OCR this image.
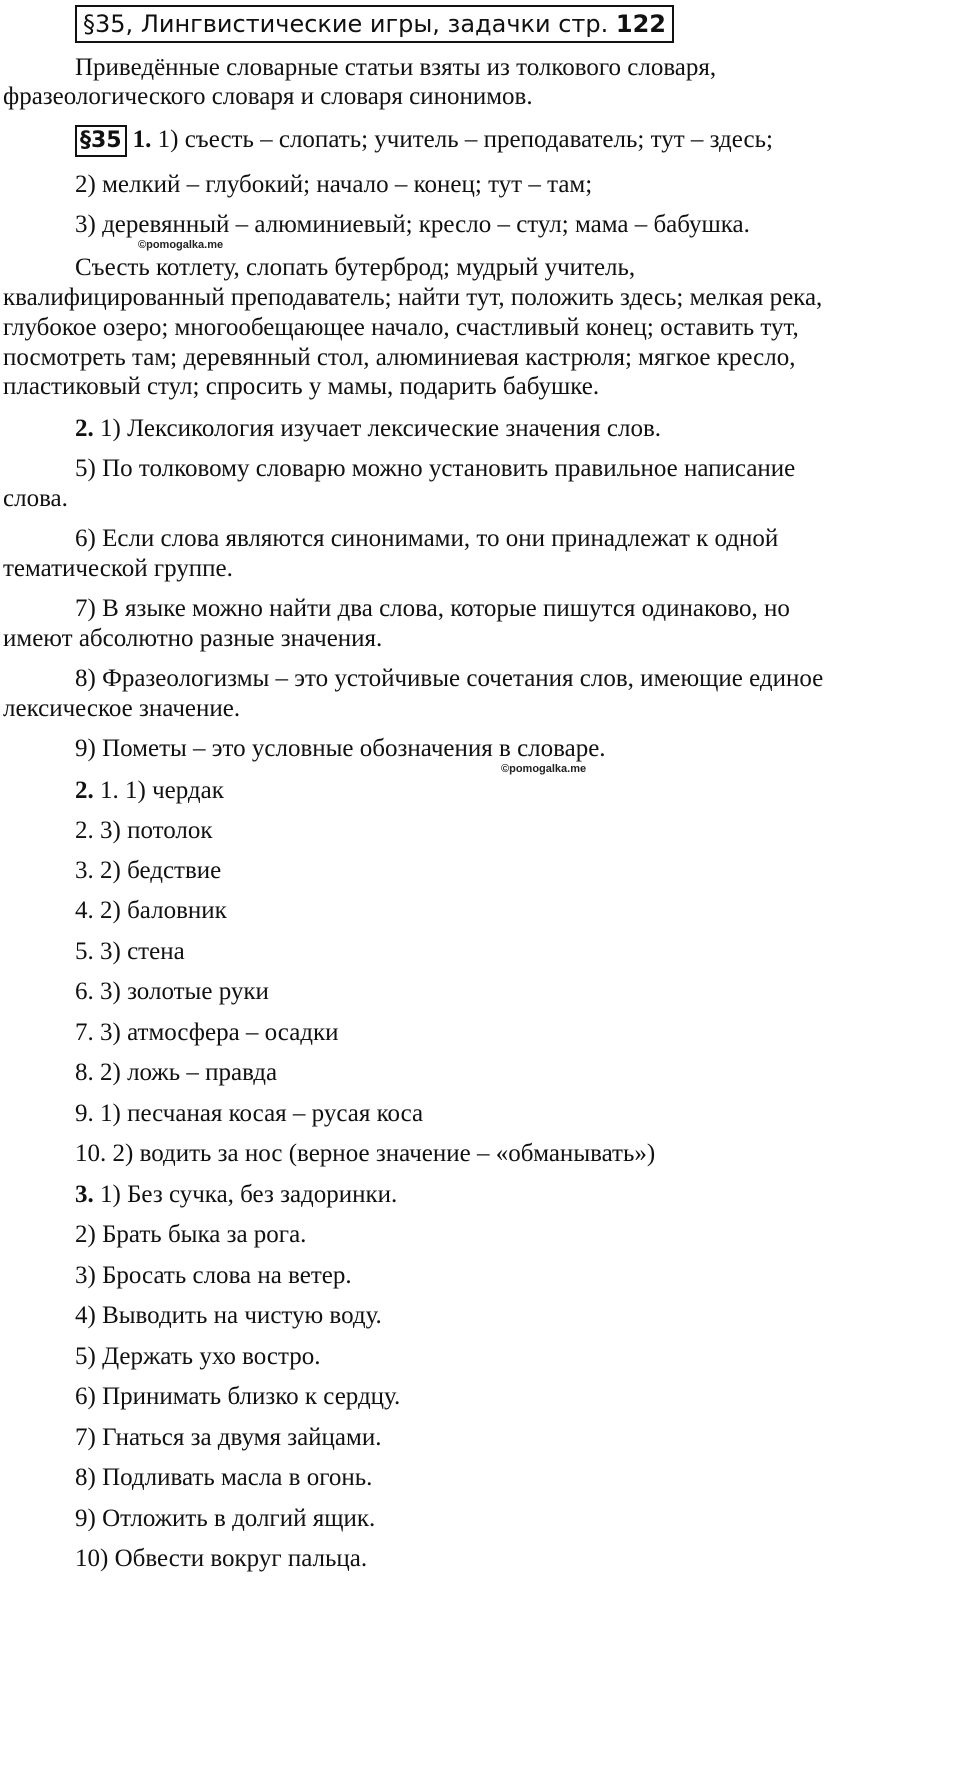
§35, Лингвистические игры, задачки стр. 122
Приведённые словарные статьи взяты из толкового словаря,
фразеологического словаря и словаря синонимов.
§35 1. 1) съесть – слопать; учитель – преподаватель; тут – здесь;
2) мелкий – глубокий; начало – конец; тут – там;
3) деревянный – алюминиевый; кресло – стул; мама – бабушка.
©pomogalka.me
Съесть котлету, слопать бутерброд; мудрый учитель,
квалифицированный преподаватель; найти тут, положить здесь; мелкая река,
глубокое озеро; многообещающее начало, счастливый конец; оставить тут,
посмотреть там; деревянный стол, алюминиевая кастрюля; мягкое кресло,
пластиковый стул; спросить у мамы, подарить бабушке.
2. 1) Лексикология изучает лексические значения слов.
5) По толковому словарю можно установить правильное написание
слова.
6) Если слова являются синонимами, то они принадлежат к одной
тематической группе.
7) В языке можно найти два слова, которые пишутся одинаково, но
имеют абсолютно разные значения.
8) Фразеологизмы – это устойчивые сочетания слов, имеющие единое
лексическое значение.
9) Пометы – это условные обозначения в словаре.
©pomogalka.me
2. 1. 1) чердак
2. 3) потолок
3. 2) бедствие
4. 2) баловник
5. 3) стена
6. 3) золотые руки
7. 3) атмосфера – осадки
8. 2) ложь – правда
9. 1) песчаная косая – русая коса
10. 2) водить за нос (верное значение – «обманывать»)
3. 1) Без сучка, без задоринки.
2) Брать быка за рога.
3) Бросать слова на ветер.
4) Выводить на чистую воду.
5) Держать ухо востро.
6) Принимать близко к сердцу.
7) Гнаться за двумя зайцами.
8) Подливать масла в огонь.
9) Отложить в долгий ящик.
10) Обвести вокруг пальца.
